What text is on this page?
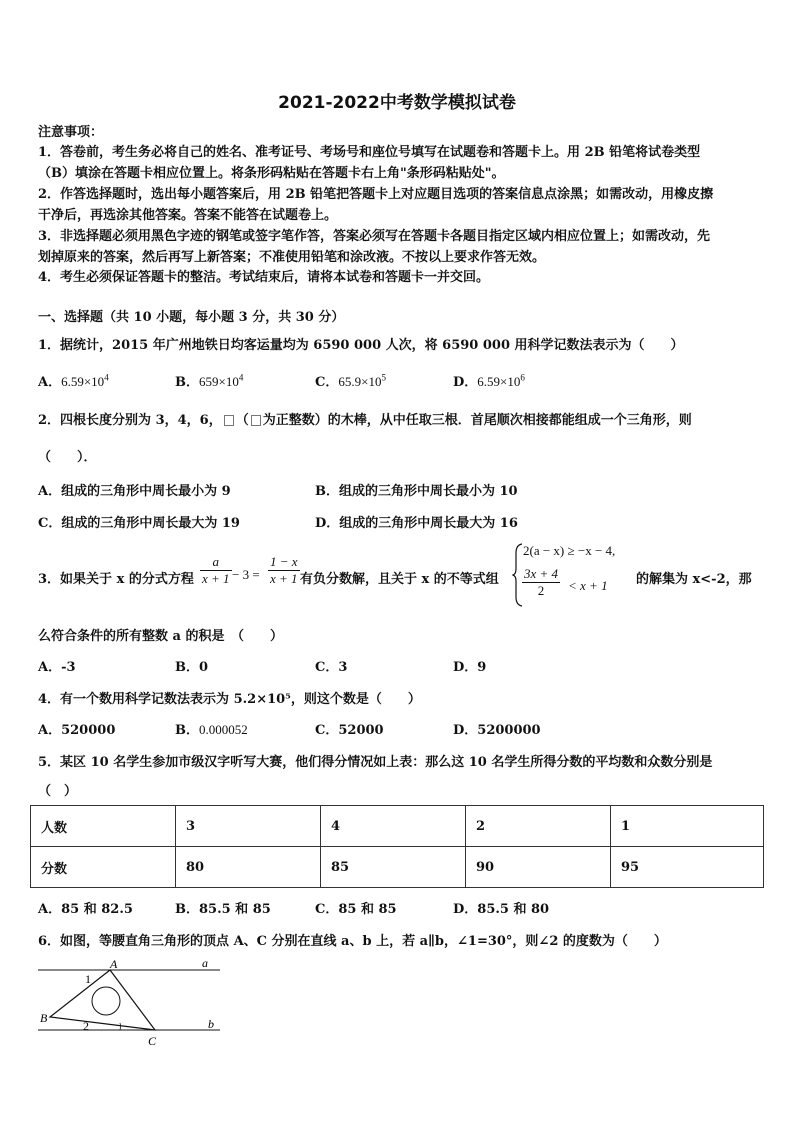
2021-2022中考数学模拟试卷
注意事项：
1．答卷前，考生务必将自己的姓名、准考证号、考场号和座位号填写在试题卷和答题卡上。用 2B 铅笔将试卷类型
（B）填涂在答题卡相应位置上。将条形码粘贴在答题卡右上角"条形码粘贴处"。
2．作答选择题时，选出每小题答案后，用 2B 铅笔把答题卡上对应题目选项的答案信息点涂黑；如需改动，用橡皮擦
干净后，再选涂其他答案。答案不能答在试题卷上。
3．非选择题必须用黑色字迹的钢笔或签字笔作答，答案必须写在答题卡各题目指定区域内相应位置上；如需改动，先
划掉原来的答案，然后再写上新答案；不准使用铅笔和涂改液。不按以上要求作答无效。
4．考生必须保证答题卡的整洁。考试结束后，请将本试卷和答题卡一并交回。
一、选择题（共 10 小题，每小题 3 分，共 30 分）
1．据统计，2015 年广州地铁日均客运量均为 6590 000 人次，将 6590 000 用科学记数法表示为（　　）
A．$6.59\times 10^4$	B．$659\times 10^4$	C．$65.9\times 10^5$	D．$6.59\times 10^6$
2．四根长度分别为 3，4，6， （ 为正整数）的木棒，从中任取三根．首尾顺次相接都能组成一个三角形，则
（　　）．
A．组成的三角形中周长最小为 9	B．组成的三角形中周长最小为 10
C．组成的三角形中周长最大为 19	D．组成的三角形中周长最大为 16
3．如果关于 x 的分式方程 $\frac{a}{x + 1} - 3 = \frac{1 - x}{x + 1}$ 有负分数解，且关于 x 的不等式组
2(a − x) ≥ −x − 4,
$\frac{3x + 4}{2} < x + 1$ 的解集为 x<-2，那
么符合条件的所有整数 a 的积是　（　　）
A．-3	B．0	C．3	D．9
4．有一个数用科学记数法表示为 5.2×10⁵，则这个数是（　　）
A．520000	B．0.000052	C．52000	D．5200000
5．某区 10 名学生参加市级汉字听写大赛，他们得分情况如上表：那么这 10 名学生所得分数的平均数和众数分别是
（　）
人数	3	4	2	1
分数	80	85	90	95
A．85 和 82.5	B．85.5 和 85	C．85 和 85	D．85.5 和 80
6．如图，等腰直角三角形的顶点 A、C 分别在直线 a、b 上，若 a∥b，∠1=30°，则∠2 的度数为（　　）
A
B
C
a
b
1
2
